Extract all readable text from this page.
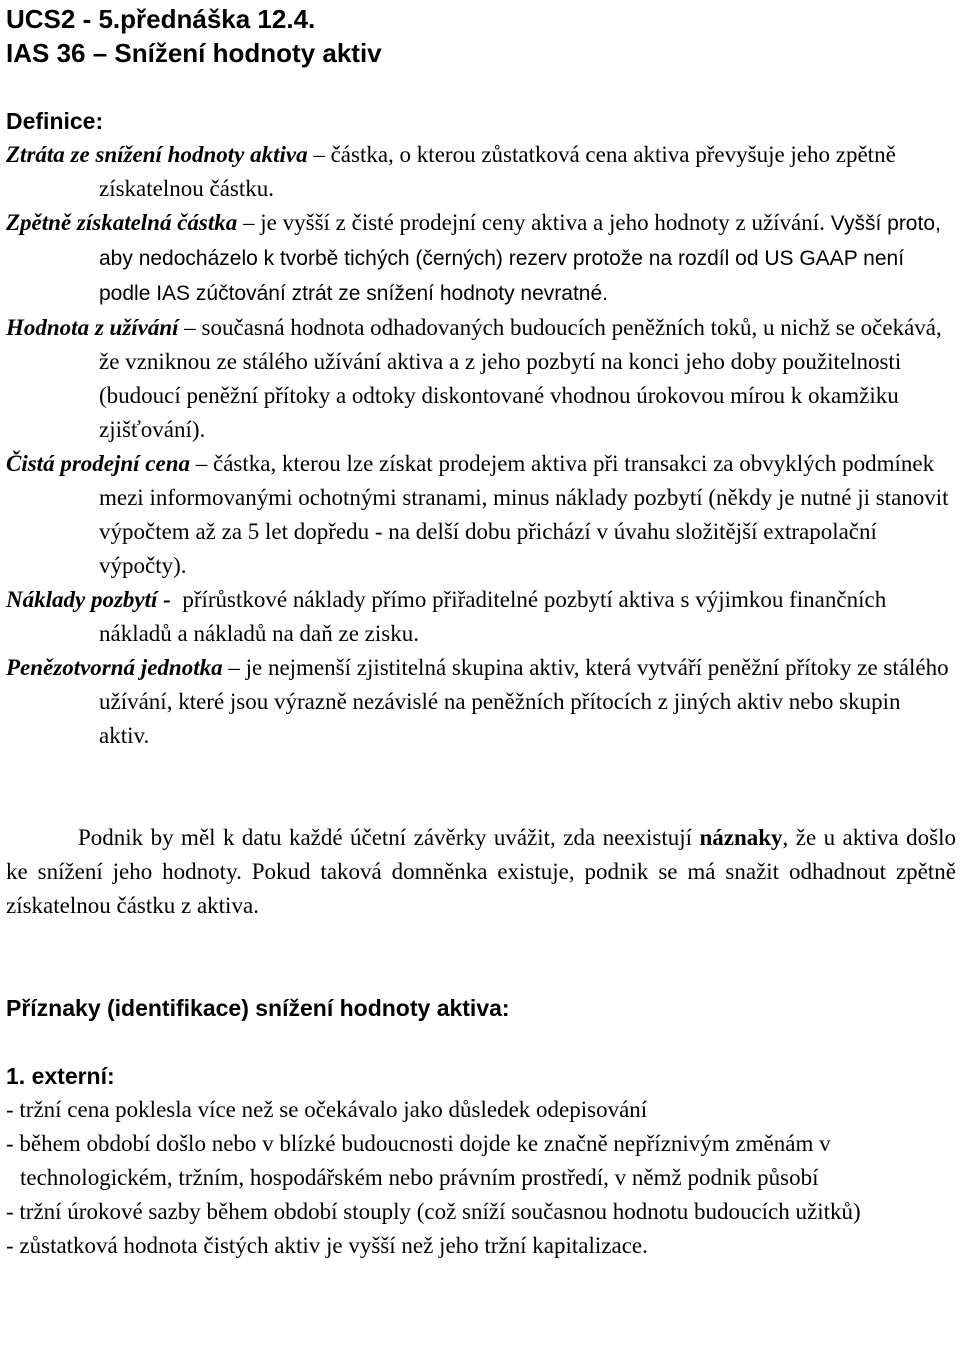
UCS2 - 5.přednáška 12.4.
IAS 36 – Snížení hodnoty aktiv
Definice:

Ztráta ze snížení hodnoty aktiva – částka, o kterou zůstatková cena aktiva převyšuje jeho zpětně získatelnou částku.

Zpětně získatelná částka – je vyšší z čisté prodejní ceny aktiva a jeho hodnoty z užívání. Vyšší proto, aby nedocházelo k tvorbě tichých (černých) rezerv protože na rozdíl od US GAAP není podle IAS zúčtování ztrát ze snížení hodnoty nevratné.

Hodnota z užívání – současná hodnota odhadovaných budoucích peněžních toků, u nichž se očekává, že vzniknou ze stálého užívání aktiva a z jeho pozbytí na konci jeho doby použitelnosti (budoucí peněžní přítoky a odtoky diskontované vhodnou úrokovou mírou k okamžiku zjišťování).

Čistá prodejní cena – částka, kterou lze získat prodejem aktiva při transakci za obvyklých podmínek mezi informovanými ochotnými stranami, minus náklady pozbytí (někdy je nutné ji stanovit výpočtem až za 5 let dopředu - na delší dobu přichází v úvahu složitější extrapolační výpočty).

Náklady pozbytí - přírůstkové náklady přímo přiřaditelné pozbytí aktiva s výjimkou finančních nákladů a nákladů na daň ze zisku.

Penězotvorná jednotka – je nejmenší zjistitelná skupina aktiv, která vytváří peněžní přítoky ze stálého užívání, které jsou výrazně nezávislé na peněžních přítocích z jiných aktiv nebo skupin aktiv.

Podnik by měl k datu každé účetní závěrky uvážit, zda neexistují náznaky, že u aktiva došlo ke snížení jeho hodnoty. Pokud taková domněnka existuje, podnik se má snažit odhadnout zpětně získatelnou částku z aktiva.

Příznaky (identifikace) snížení hodnoty aktiva:
1. externí:

- tržní cena poklesla více než se očekávalo jako důsledek odepisování

- během období došlo nebo v blízké budoucnosti dojde ke značně nepříznivým změnám v technologickém, tržním, hospodářském nebo právním prostředí, v němž podnik působí

- tržní úrokové sazby během období stouply (což sníží současnou hodnotu budoucích užitků)

- zůstatková hodnota čistých aktiv je vyšší než jeho tržní kapitalizace.
